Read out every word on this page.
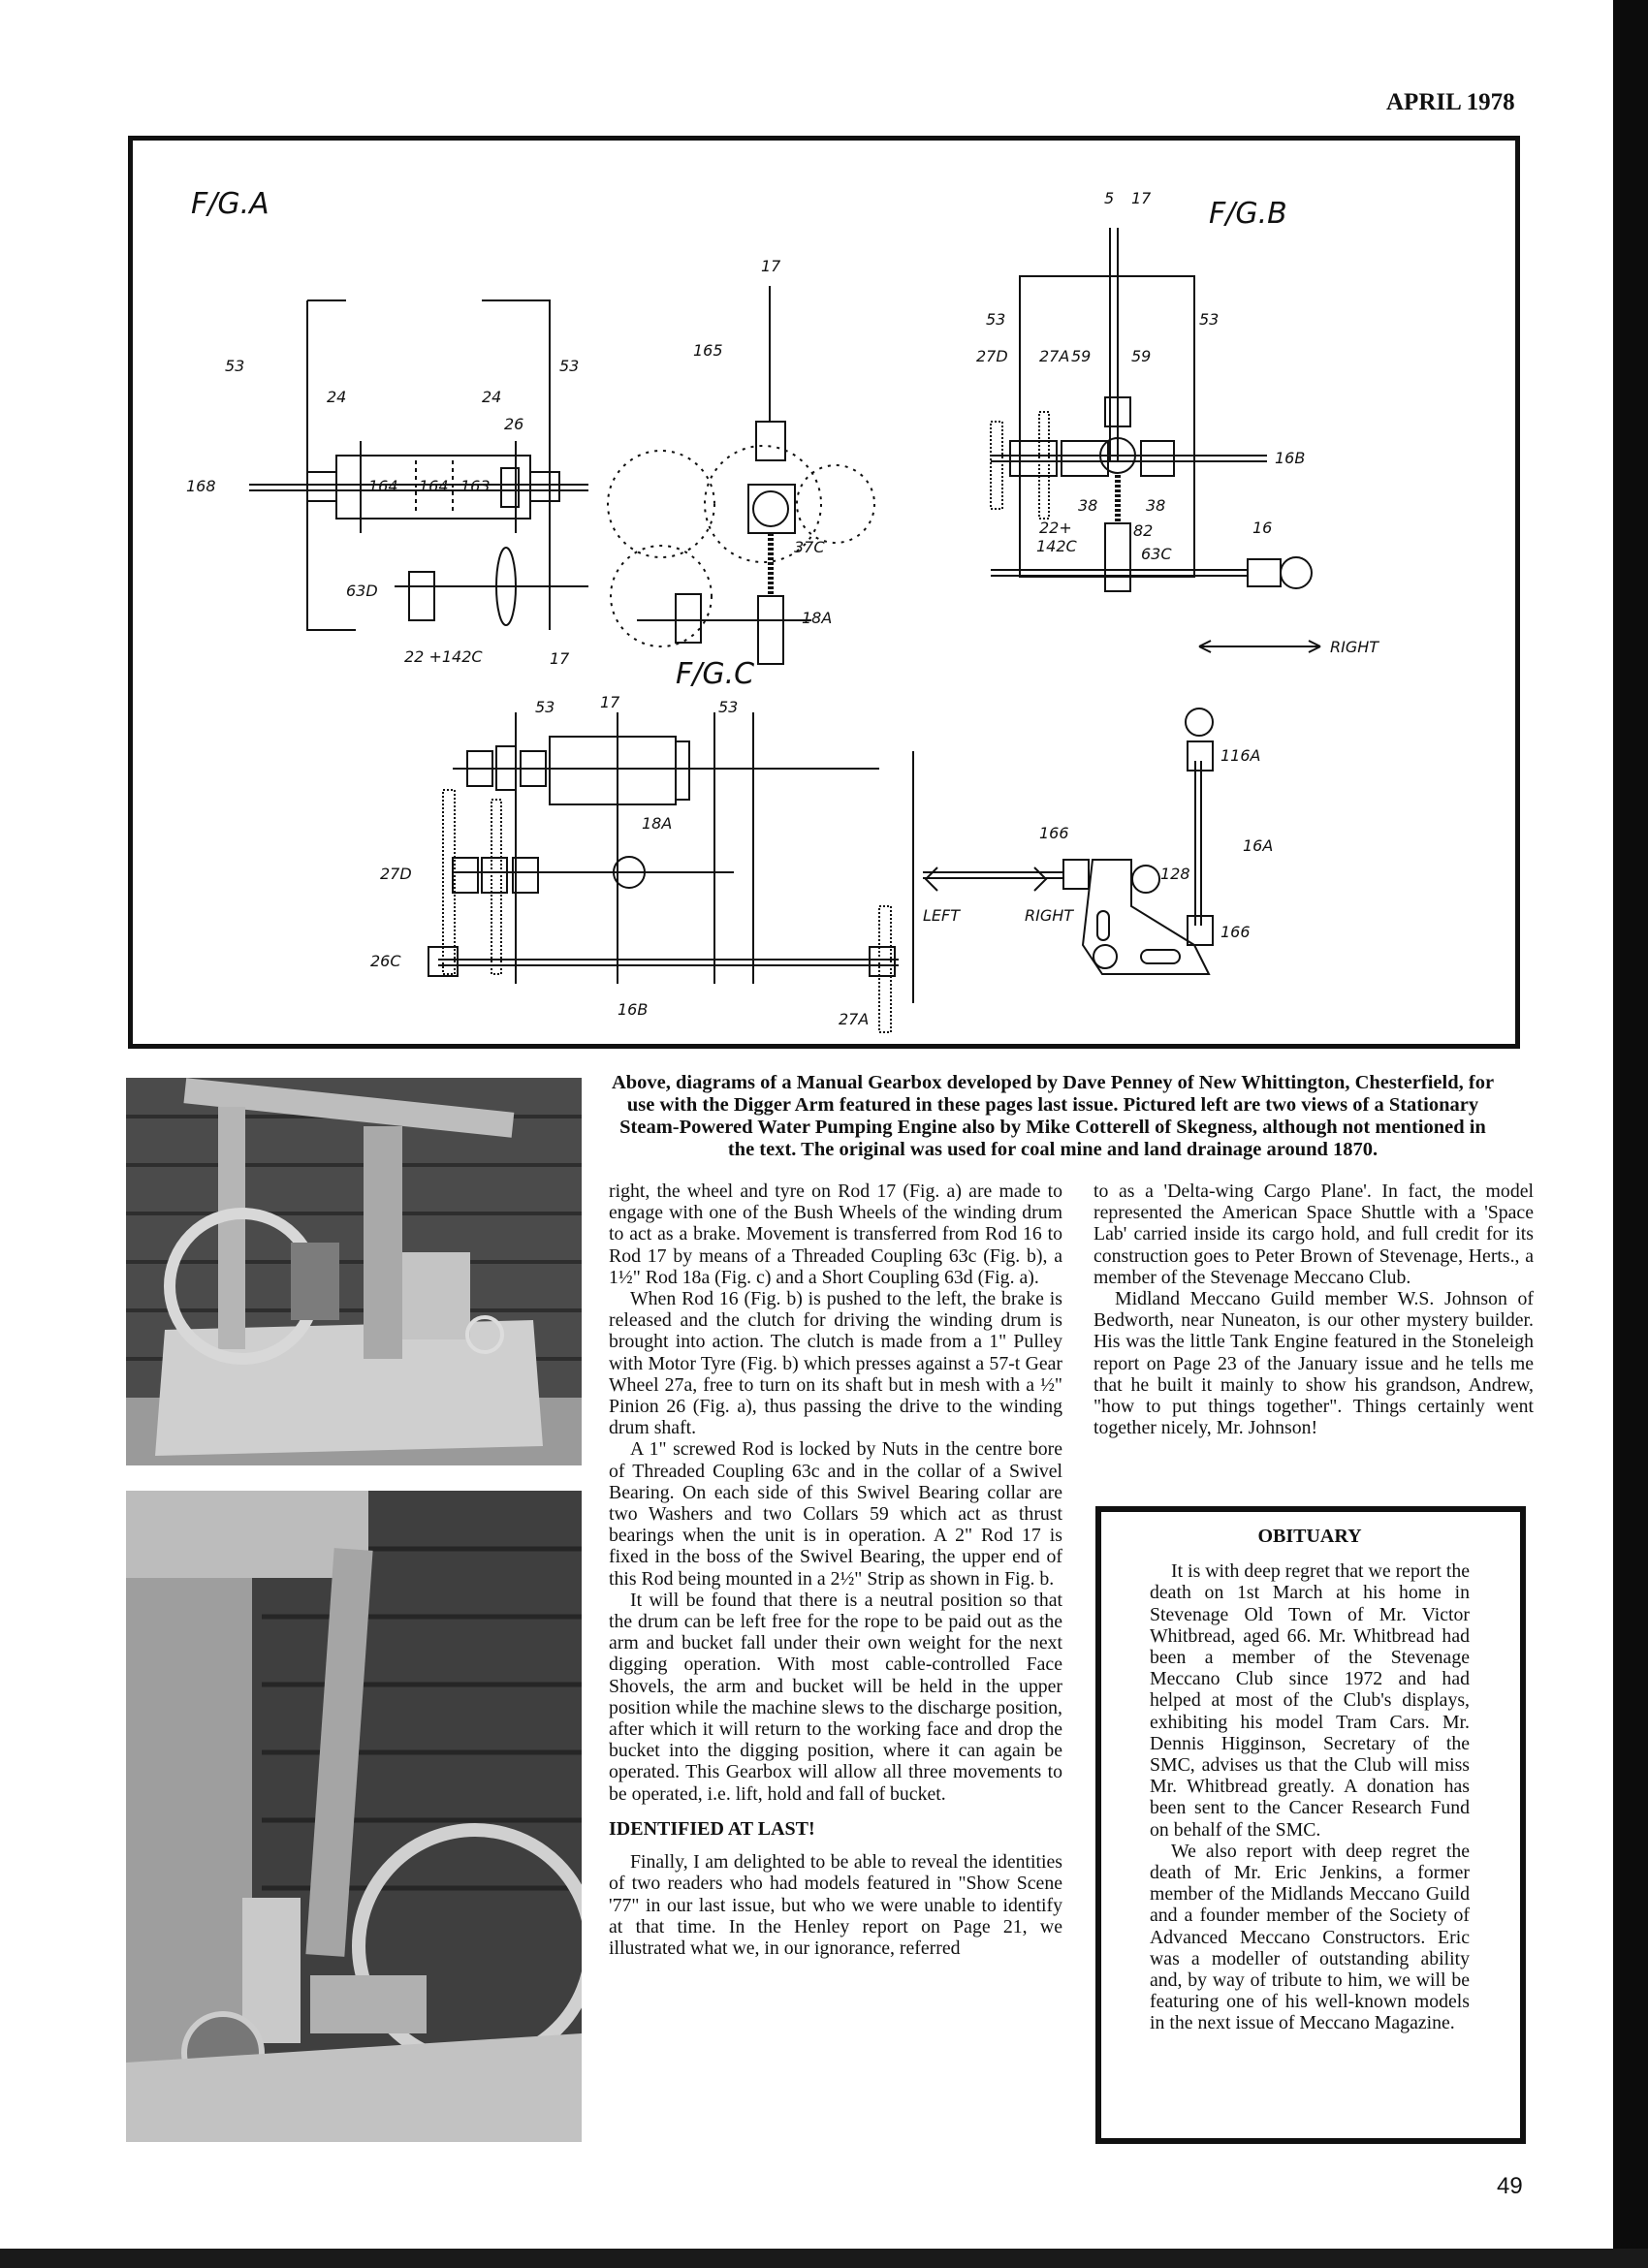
APRIL 1978
F/G.A
53	53
24	24
26
168	164 164 163
17
165
37C
18A
63D
22 +142C	17
F/G.B
5 17
53	53
27D 27A 59	59
16B
38	38
22+
142C
82
63C
16
RIGHT
F/G.C
53	53
17
18A
27D
26C
16B
27A
166
128
116A
16A
166
LEFT	RIGHT
Above, diagrams of a Manual Gearbox developed by Dave Penney of New Whittington, Chesterfield, for use with the Digger Arm featured in these pages last issue. Pictured left are two views of a Stationary Steam-Powered Water Pumping Engine also by Mike Cotterell of Skegness, although not mentioned in the text. The original was used for coal mine and land drainage around 1870.

right, the wheel and tyre on Rod 17 (Fig. a) are made to engage with one of the Bush Wheels of the winding drum to act as a brake. Movement is transferred from Rod 16 to Rod 17 by means of a Threaded Coupling 63c (Fig. b), a 1½" Rod 18a (Fig. c) and a Short Coupling 63d (Fig. a).

When Rod 16 (Fig. b) is pushed to the left, the brake is released and the clutch for driving the winding drum is brought into action. The clutch is made from a 1" Pulley with Motor Tyre (Fig. b) which presses against a 57-t Gear Wheel 27a, free to turn on its shaft but in mesh with a ½" Pinion 26 (Fig. a), thus passing the drive to the winding drum shaft.

A 1" screwed Rod is locked by Nuts in the centre bore of Threaded Coupling 63c and in the collar of a Swivel Bearing. On each side of this Swivel Bearing collar are two Washers and two Collars 59 which act as thrust bearings when the unit is in operation. A 2" Rod 17 is fixed in the boss of the Swivel Bearing, the upper end of this Rod being mounted in a 2½" Strip as shown in Fig. b.

It will be found that there is a neutral position so that the drum can be left free for the rope to be paid out as the arm and bucket fall under their own weight for the next digging operation. With most cable-controlled Face Shovels, the arm and bucket will be held in the upper position while the machine slews to the discharge position, after which it will return to the working face and drop the bucket into the digging position, where it can again be operated. This Gearbox will allow all three movements to be operated, i.e. lift, hold and fall of bucket.

IDENTIFIED AT LAST!

Finally, I am delighted to be able to reveal the identities of two readers who had models featured in "Show Scene '77" in our last issue, but who we were unable to identify at that time. In the Henley report on Page 21, we illustrated what we, in our ignorance, referred

to as a 'Delta-wing Cargo Plane'. In fact, the model represented the American Space Shuttle with a 'Space Lab' carried inside its cargo hold, and full credit for its construction goes to Peter Brown of Stevenage, Herts., a member of the Stevenage Meccano Club.

Midland Meccano Guild member W.S. Johnson of Bedworth, near Nuneaton, is our other mystery builder. His was the little Tank Engine featured in the Stoneleigh report on Page 23 of the January issue and he tells me that he built it mainly to show his grandson, Andrew, "how to put things together". Things certainly went together nicely, Mr. Johnson!

OBITUARY

It is with deep regret that we report the death on 1st March at his home in Stevenage Old Town of Mr. Victor Whitbread, aged 66. Mr. Whitbread had been a member of the Stevenage Meccano Club since 1972 and had helped at most of the Club's displays, exhibiting his model Tram Cars. Mr. Dennis Higginson, Secretary of the SMC, advises us that the Club will miss Mr. Whitbread greatly. A donation has been sent to the Cancer Research Fund on behalf of the SMC.

We also report with deep regret the death of Mr. Eric Jenkins, a former member of the Midlands Meccano Guild and a founder member of the Society of Advanced Meccano Constructors. Eric was a modeller of outstanding ability and, by way of tribute to him, we will be featuring one of his well-known models in the next issue of Meccano Magazine.

49
